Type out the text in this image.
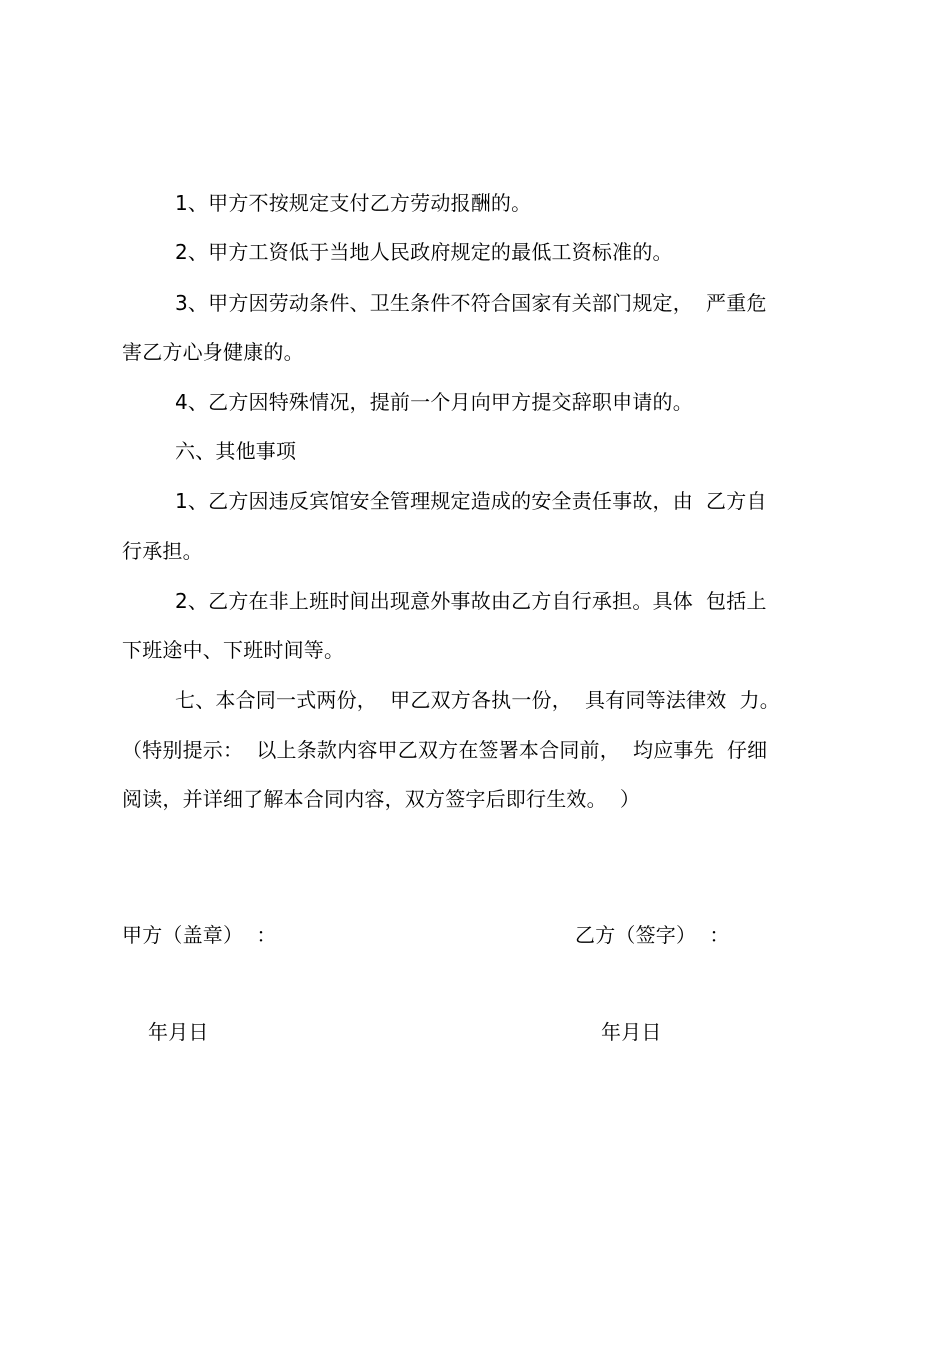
1、甲方不按规定支付乙方劳动报酬的。
2、甲方工资低于当地人民政府规定的最低工资标准的。
3、甲方因劳动条件、卫生条件不符合国家有关部门规定，  严重危
害乙方心身健康的。
4、乙方因特殊情况，提前一个月向甲方提交辞职申请的。
六、其他事项
1、乙方因违反宾馆安全管理规定造成的安全责任事故，由  乙方自
行承担。
2、乙方在非上班时间出现意外事故由乙方自行承担。具体  包括上
下班途中、下班时间等。
七、本合同一式两份，  甲乙双方各执一份，  具有同等法律效  力。
（特别提示：  以上条款内容甲乙双方在签署本合同前，  均应事先  仔细
阅读，并详细了解本合同内容，双方签字后即行生效。  ）
甲方（盖章）  ：	乙方（签字）  ：
年月日	年月日
